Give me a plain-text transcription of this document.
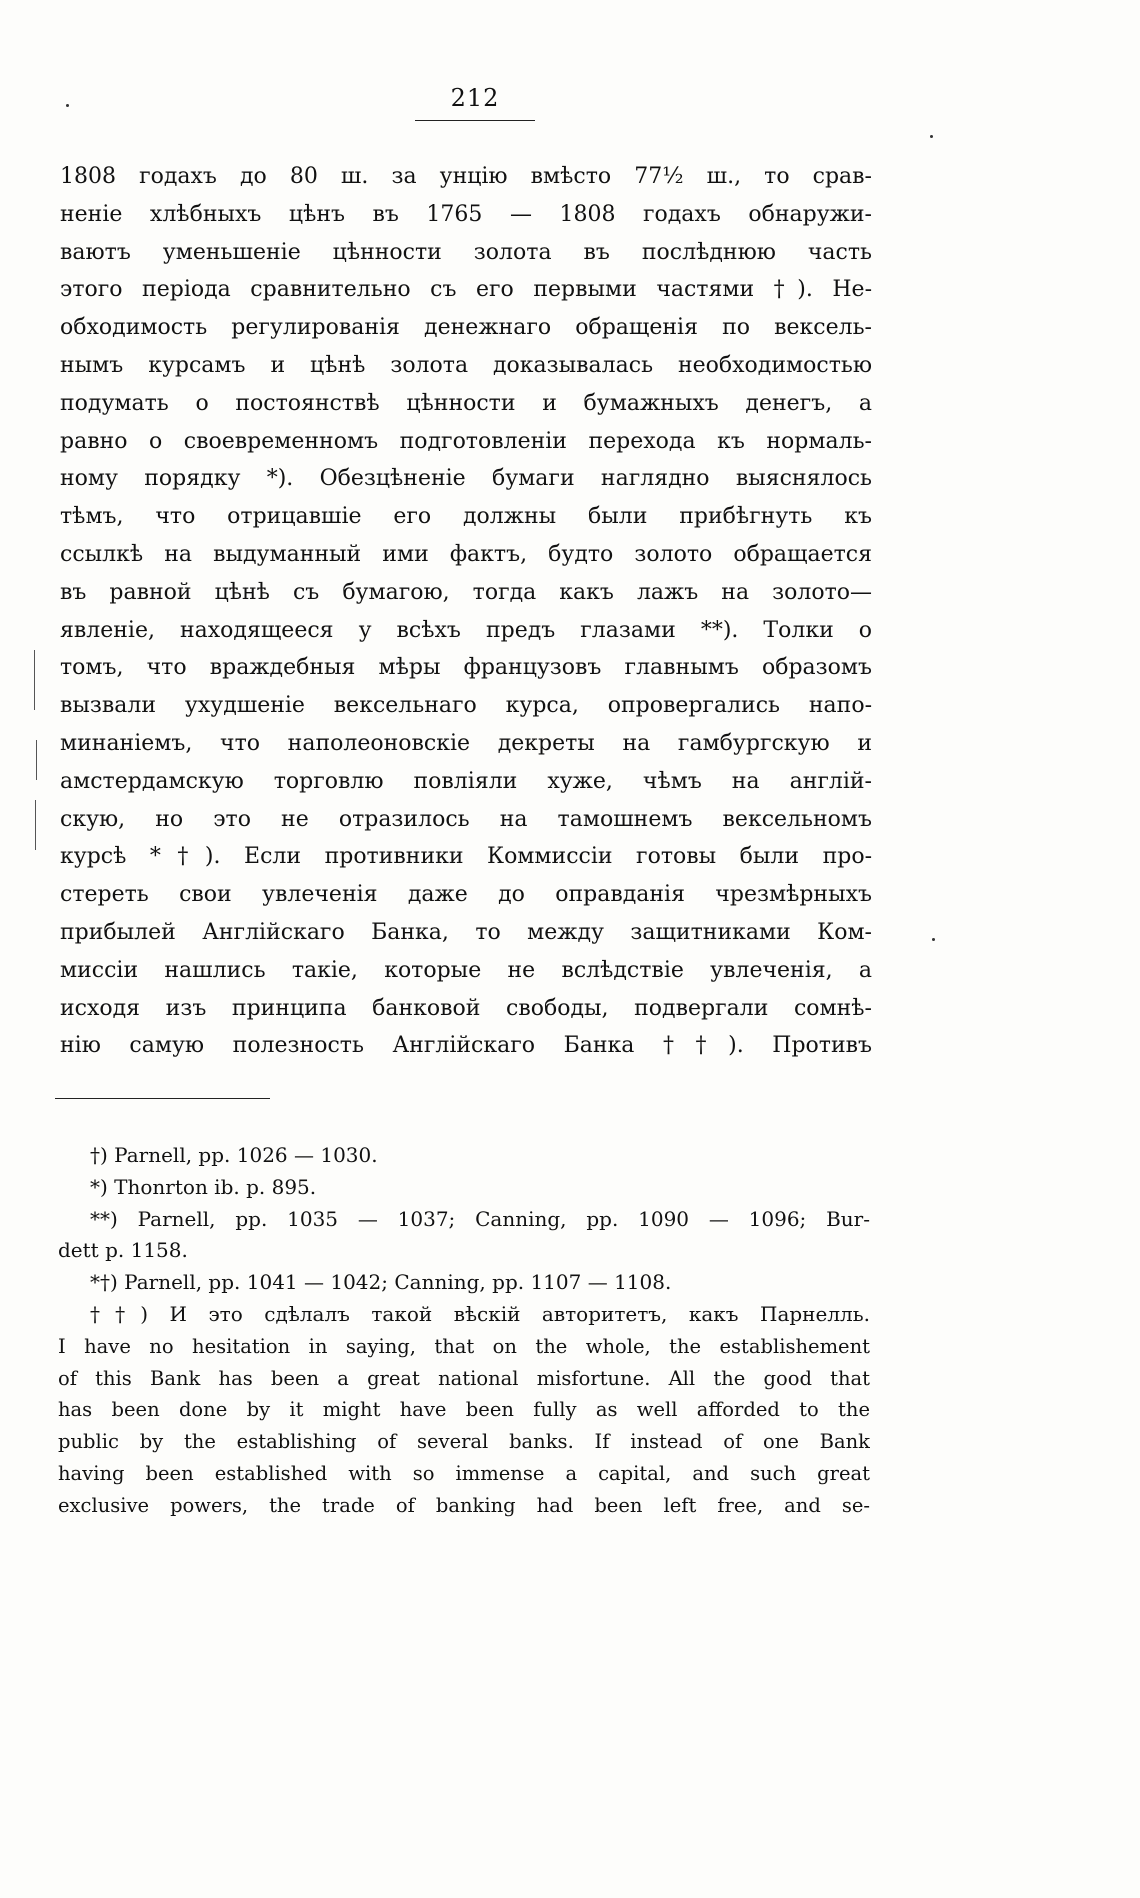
212
1808 годахъ до 80 ш. за унцію вмѣсто 77½ ш., то срав-
неніе хлѣбныхъ цѣнъ въ 1765 — 1808 годахъ обнаружи-
ваютъ уменьшеніе цѣнности золота въ послѣднюю часть
этого періода сравнительно съ его первыми частями †). Не-
обходимость регулированія денежнаго обращенія по вексель-
нымъ курсамъ и цѣнѣ золота доказывалась необходимостью
подумать о постоянствѣ цѣнности и бумажныхъ денегъ, а
равно о своевременномъ подготовленіи перехода къ нормаль-
ному порядку *). Обезцѣненіе бумаги наглядно выяснялось
тѣмъ, что отрицавшіе его должны были прибѣгнуть къ
ссылкѣ на выдуманный ими фактъ, будто золото обращается
въ равной цѣнѣ съ бумагою, тогда какъ лажъ на золото—
явленіе, находящееся у всѣхъ предъ глазами **). Толки о
томъ, что враждебныя мѣры французовъ главнымъ образомъ
вызвали ухудшеніе вексельнаго курса, опровергались напо-
минаніемъ, что наполеоновскіе декреты на гамбургскую и
амстердамскую торговлю повліяли хуже, чѣмъ на англій-
скую, но это не отразилось на тамошнемъ вексельномъ
курсѣ *†). Если противники Коммиссіи готовы были про-
стереть свои увлеченія даже до оправданія чрезмѣрныхъ
прибылей Англійскаго Банка, то между защитниками Ком-
миссіи нашлись такіе, которые не вслѣдствіе увлеченія, а
исходя изъ принципа банковой свободы, подвергали сомнѣ-
нію самую полезность Англійскаго Банка ††). Противъ
†) Parnell, pp. 1026 — 1030.
*) Thonrton ib. p. 895.
**) Parnell, pp. 1035 — 1037; Canning, pp. 1090 — 1096; Bur-
dett p. 1158.
*†) Parnell, pp. 1041 — 1042; Canning, pp. 1107 — 1108.
††) И это сдѣлалъ такой вѣскій авторитетъ, какъ Парнелль.
I have no hesitation in saying, that on the whole, the establishement
of this Bank has been a great national misfortune. All the good that
has been done by it might have been fully as well afforded to the
public by the establishing of several banks. If instead of one Bank
having been established with so immense a capital, and such great
exclusive powers, the trade of banking had been left free, and se-
